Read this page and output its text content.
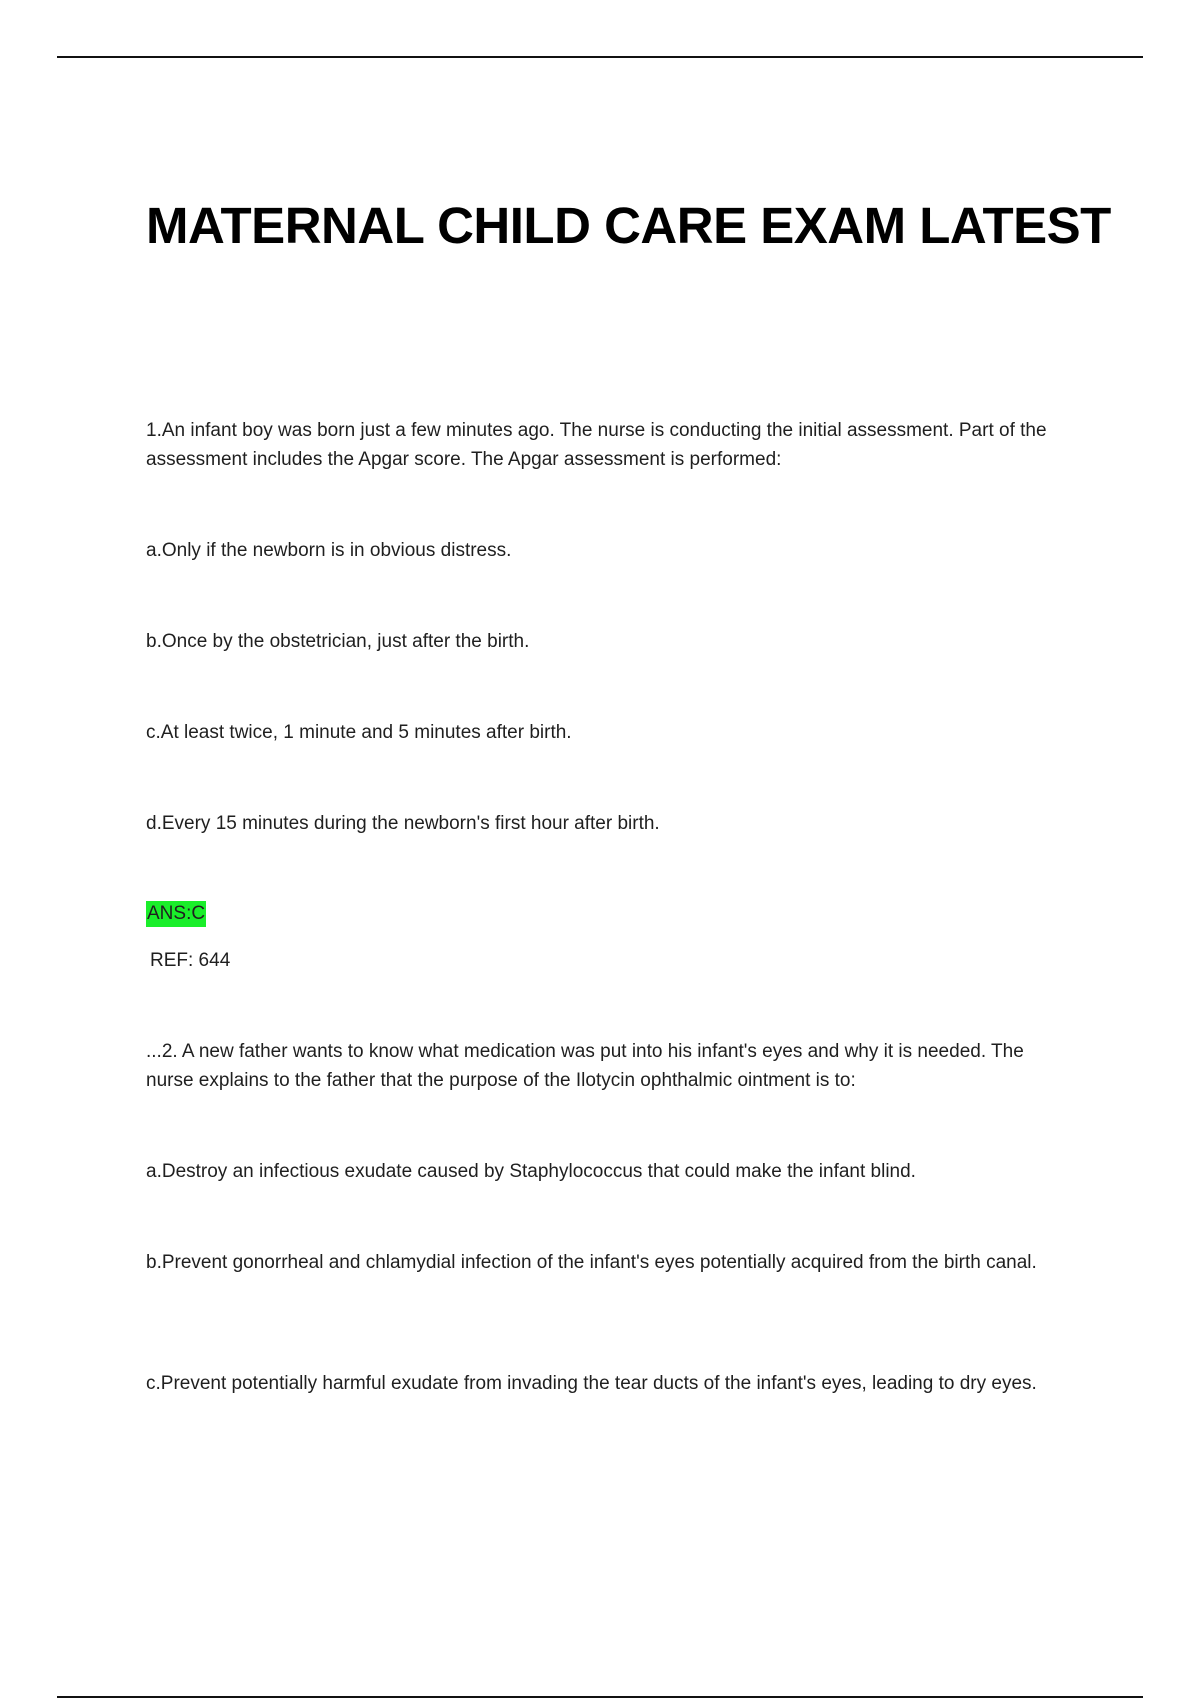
MATERNAL CHILD CARE EXAM LATEST

1.An infant boy was born just a few minutes ago. The nurse is conducting the initial assessment. Part of the assessment includes the Apgar score. The Apgar assessment is performed:

a.Only if the newborn is in obvious distress.

b.Once by the obstetrician, just after the birth.

c.At least twice, 1 minute and 5 minutes after birth.

d.Every 15 minutes during the newborn's first hour after birth.

ANS:C
REF: 644

...2. A new father wants to know what medication was put into his infant's eyes and why it is needed. The nurse explains to the father that the purpose of the Ilotycin ophthalmic ointment is to:

a.Destroy an infectious exudate caused by Staphylococcus that could make the infant blind.

b.Prevent gonorrheal and chlamydial infection of the infant's eyes potentially acquired from the birth canal.

c.Prevent potentially harmful exudate from invading the tear ducts of the infant's eyes, leading to dry eyes.
